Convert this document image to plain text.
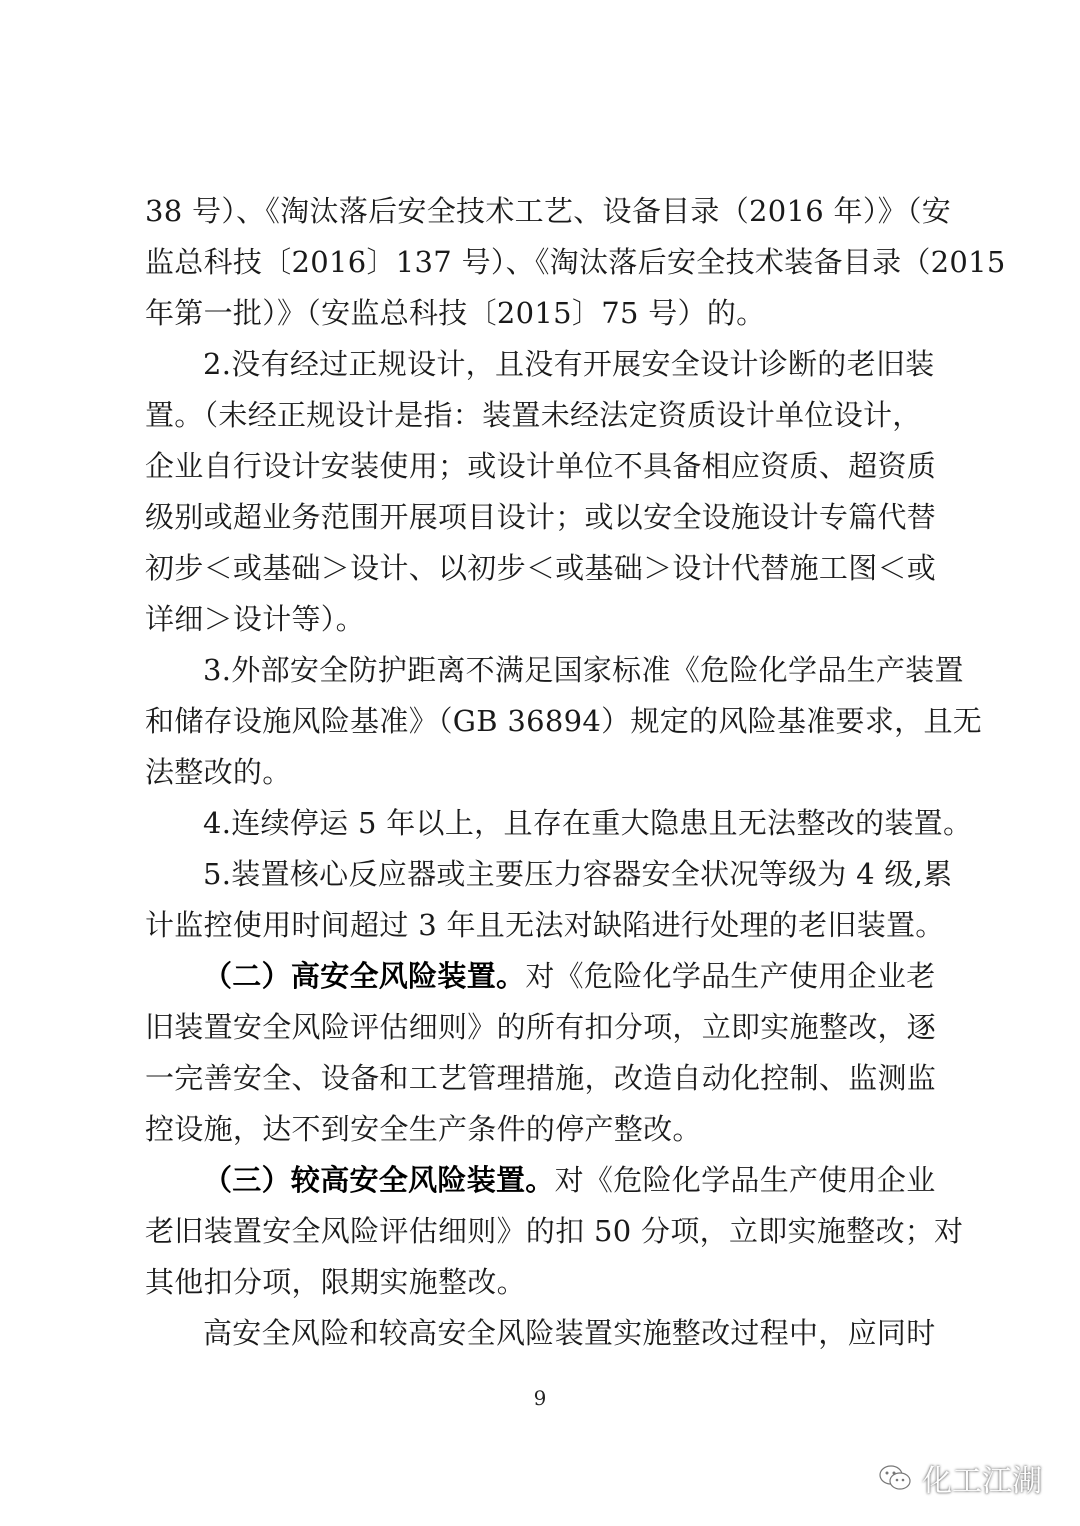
38 号）、《淘汰落后安全技术工艺、设备目录（2016 年）》（安
监总科技〔2016〕137 号）、《淘汰落后安全技术装备目录（2015
年第一批）》（安监总科技〔2015〕75 号）的。
2.没有经过正规设计，且没有开展安全设计诊断的老旧装
置。（未经正规设计是指：装置未经法定资质设计单位设计，
企业自行设计安装使用；或设计单位不具备相应资质、超资质
级别或超业务范围开展项目设计；或以安全设施设计专篇代替
初步＜或基础＞设计、以初步＜或基础＞设计代替施工图＜或
详细＞设计等）。
3.外部安全防护距离不满足国家标准《危险化学品生产装置
和储存设施风险基准》（GB 36894）规定的风险基准要求，且无
法整改的。
4.连续停运 5 年以上，且存在重大隐患且无法整改的装置。
5.装置核心反应器或主要压力容器安全状况等级为 4 级,累
计监控使用时间超过 3 年且无法对缺陷进行处理的老旧装置。
（二）高安全风险装置。对《危险化学品生产使用企业老
旧装置安全风险评估细则》的所有扣分项，立即实施整改，逐
一完善安全、设备和工艺管理措施，改造自动化控制、监测监
控设施，达不到安全生产条件的停产整改。
（三）较高安全风险装置。对《危险化学品生产使用企业
老旧装置安全风险评估细则》的扣 50 分项，立即实施整改；对
其他扣分项，限期实施整改。
高安全风险和较高安全风险装置实施整改过程中，应同时
9
化工江湖
